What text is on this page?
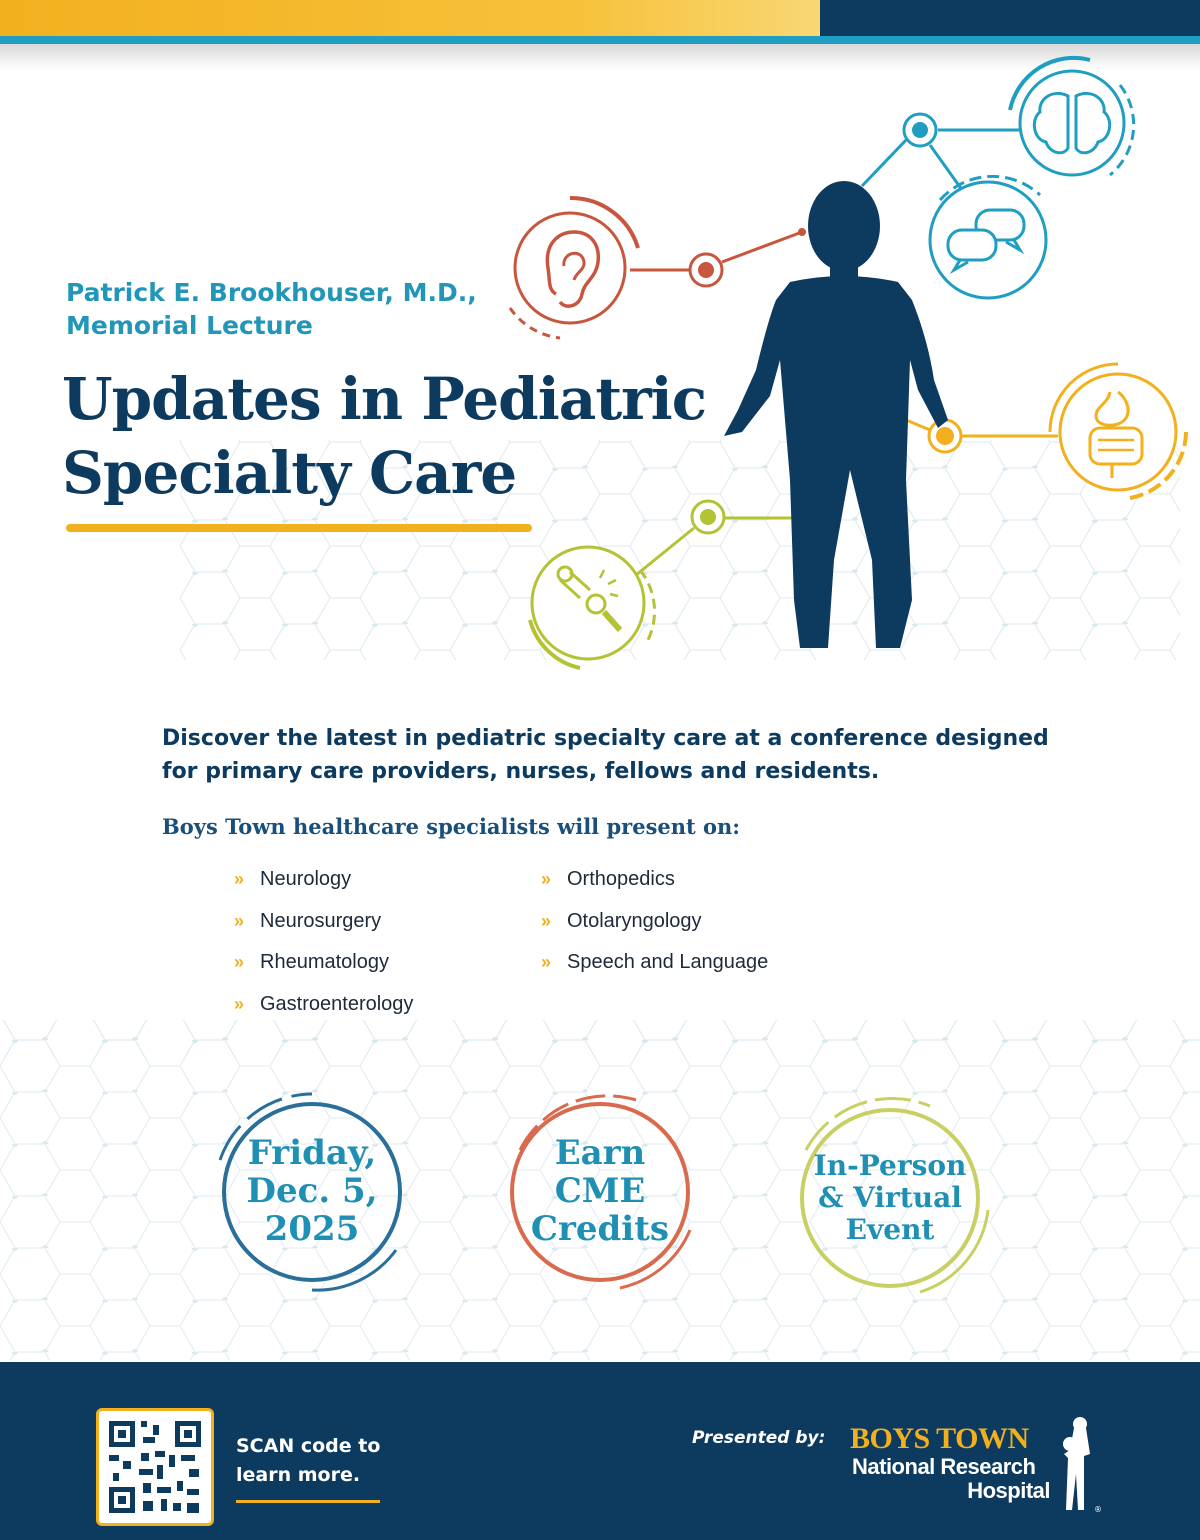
Patrick E. Brookhouser, M.D.,
Memorial Lecture
Updates in Pediatric
Specialty Care
Discover the latest in pediatric specialty care at a conference designed for primary care providers, nurses, fellows and residents.
Boys Town healthcare specialists will present on:
» Neurology
» Neurosurgery
» Rheumatology
» Gastroenterology
» Orthopedics
» Otolaryngology
» Speech and Language
Friday,
Dec. 5,
2025
Earn
CME
Credits
In-Person
& Virtual
Event
SCAN code to
learn more.
Presented by: BOYS TOWN
National Research
Hospital
®
